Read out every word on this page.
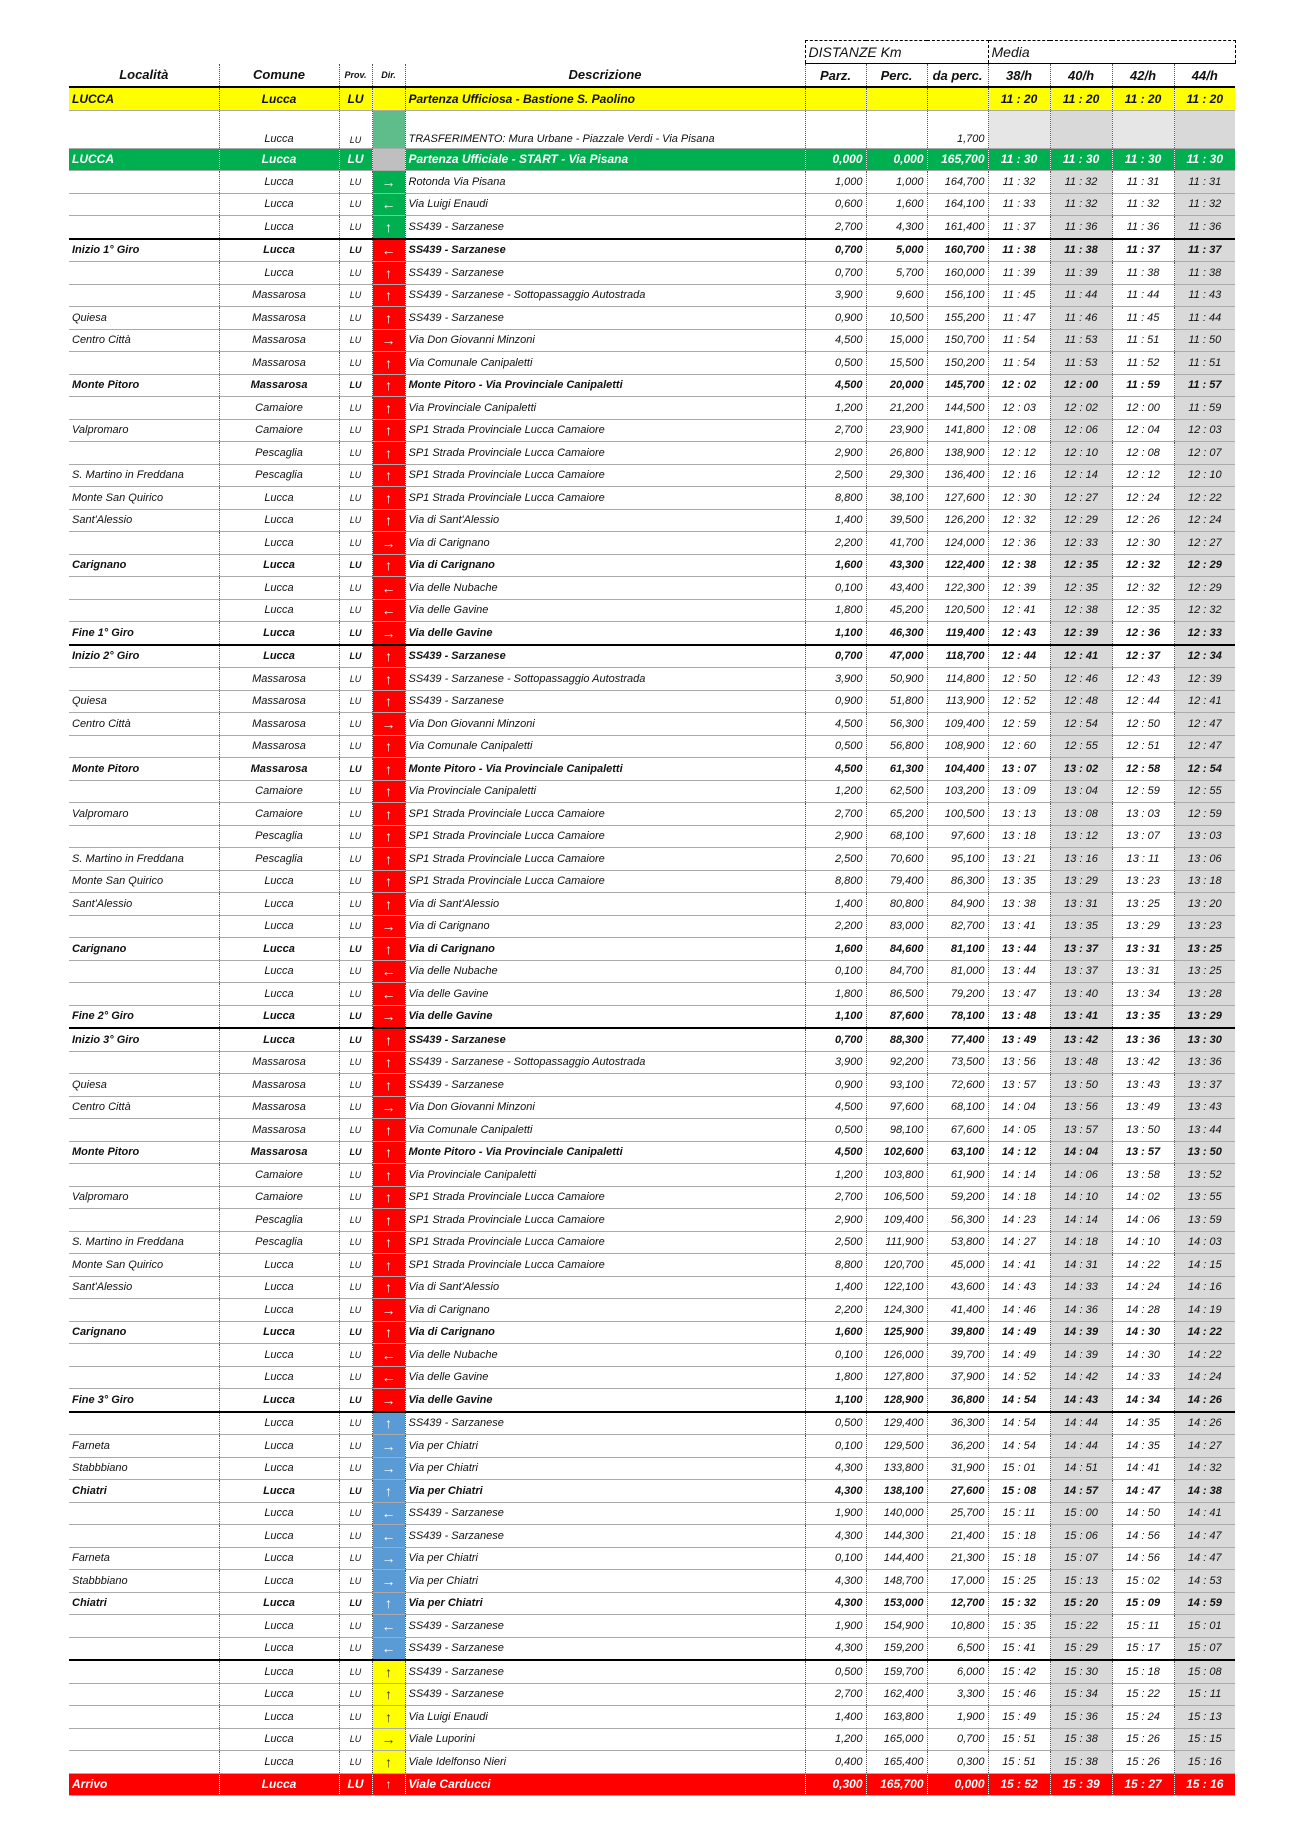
					DISTANZE Km			Media			
Località	Comune	Prov.	Dir.	Descrizione	Parz.	Perc.	da perc.	38/h	40/h	42/h	44/h
LUCCA	Lucca	LU		Partenza Ufficiosa - Bastione S. Paolino				11 : 20	11 : 20	11 : 20	11 : 20
	Lucca	LU		TRASFERIMENTO: Mura Urbane - Piazzale Verdi - Via Pisana			1,700				
LUCCA	Lucca	LU		Partenza Ufficiale - START - Via Pisana	0,000	0,000	165,700	11 : 30	11 : 30	11 : 30	11 : 30
	Lucca	LU	→	Rotonda Via Pisana	1,000	1,000	164,700	11 : 32	11 : 32	11 : 31	11 : 31
	Lucca	LU	←	Via Luigi Enaudi	0,600	1,600	164,100	11 : 33	11 : 32	11 : 32	11 : 32
	Lucca	LU	↑	SS439 - Sarzanese	2,700	4,300	161,400	11 : 37	11 : 36	11 : 36	11 : 36
Inizio 1° Giro	Lucca	LU	←	SS439 - Sarzanese	0,700	5,000	160,700	11 : 38	11 : 38	11 : 37	11 : 37
	Lucca	LU	↑	SS439 - Sarzanese	0,700	5,700	160,000	11 : 39	11 : 39	11 : 38	11 : 38
	Massarosa	LU	↑	SS439 - Sarzanese - Sottopassaggio Autostrada	3,900	9,600	156,100	11 : 45	11 : 44	11 : 44	11 : 43
Quiesa	Massarosa	LU	↑	SS439 - Sarzanese	0,900	10,500	155,200	11 : 47	11 : 46	11 : 45	11 : 44
Centro Città	Massarosa	LU	→	Via Don Giovanni Minzoni	4,500	15,000	150,700	11 : 54	11 : 53	11 : 51	11 : 50
	Massarosa	LU	↑	Via Comunale Canipaletti	0,500	15,500	150,200	11 : 54	11 : 53	11 : 52	11 : 51
Monte Pitoro	Massarosa	LU	↑	Monte Pitoro - Via Provinciale Canipaletti	4,500	20,000	145,700	12 : 02	12 : 00	11 : 59	11 : 57
	Camaiore	LU	↑	Via Provinciale Canipaletti	1,200	21,200	144,500	12 : 03	12 : 02	12 : 00	11 : 59
Valpromaro	Camaiore	LU	↑	SP1 Strada Provinciale Lucca Camaiore	2,700	23,900	141,800	12 : 08	12 : 06	12 : 04	12 : 03
	Pescaglia	LU	↑	SP1 Strada Provinciale Lucca Camaiore	2,900	26,800	138,900	12 : 12	12 : 10	12 : 08	12 : 07
S. Martino in Freddana	Pescaglia	LU	↑	SP1 Strada Provinciale Lucca Camaiore	2,500	29,300	136,400	12 : 16	12 : 14	12 : 12	12 : 10
Monte San Quirico	Lucca	LU	↑	SP1 Strada Provinciale Lucca Camaiore	8,800	38,100	127,600	12 : 30	12 : 27	12 : 24	12 : 22
Sant'Alessio	Lucca	LU	↑	Via di Sant'Alessio	1,400	39,500	126,200	12 : 32	12 : 29	12 : 26	12 : 24
	Lucca	LU	→	Via di Carignano	2,200	41,700	124,000	12 : 36	12 : 33	12 : 30	12 : 27
Carignano	Lucca	LU	↑	Via di Carignano	1,600	43,300	122,400	12 : 38	12 : 35	12 : 32	12 : 29
	Lucca	LU	←	Via delle Nubache	0,100	43,400	122,300	12 : 39	12 : 35	12 : 32	12 : 29
	Lucca	LU	←	Via delle Gavine	1,800	45,200	120,500	12 : 41	12 : 38	12 : 35	12 : 32
Fine 1° Giro	Lucca	LU	→	Via delle Gavine	1,100	46,300	119,400	12 : 43	12 : 39	12 : 36	12 : 33
Inizio 2° Giro	Lucca	LU	↑	SS439 - Sarzanese	0,700	47,000	118,700	12 : 44	12 : 41	12 : 37	12 : 34
	Massarosa	LU	↑	SS439 - Sarzanese - Sottopassaggio Autostrada	3,900	50,900	114,800	12 : 50	12 : 46	12 : 43	12 : 39
Quiesa	Massarosa	LU	↑	SS439 - Sarzanese	0,900	51,800	113,900	12 : 52	12 : 48	12 : 44	12 : 41
Centro Città	Massarosa	LU	→	Via Don Giovanni Minzoni	4,500	56,300	109,400	12 : 59	12 : 54	12 : 50	12 : 47
	Massarosa	LU	↑	Via Comunale Canipaletti	0,500	56,800	108,900	12 : 60	12 : 55	12 : 51	12 : 47
Monte Pitoro	Massarosa	LU	↑	Monte Pitoro - Via Provinciale Canipaletti	4,500	61,300	104,400	13 : 07	13 : 02	12 : 58	12 : 54
	Camaiore	LU	↑	Via Provinciale Canipaletti	1,200	62,500	103,200	13 : 09	13 : 04	12 : 59	12 : 55
Valpromaro	Camaiore	LU	↑	SP1 Strada Provinciale Lucca Camaiore	2,700	65,200	100,500	13 : 13	13 : 08	13 : 03	12 : 59
	Pescaglia	LU	↑	SP1 Strada Provinciale Lucca Camaiore	2,900	68,100	97,600	13 : 18	13 : 12	13 : 07	13 : 03
S. Martino in Freddana	Pescaglia	LU	↑	SP1 Strada Provinciale Lucca Camaiore	2,500	70,600	95,100	13 : 21	13 : 16	13 : 11	13 : 06
Monte San Quirico	Lucca	LU	↑	SP1 Strada Provinciale Lucca Camaiore	8,800	79,400	86,300	13 : 35	13 : 29	13 : 23	13 : 18
Sant'Alessio	Lucca	LU	↑	Via di Sant'Alessio	1,400	80,800	84,900	13 : 38	13 : 31	13 : 25	13 : 20
	Lucca	LU	→	Via di Carignano	2,200	83,000	82,700	13 : 41	13 : 35	13 : 29	13 : 23
Carignano	Lucca	LU	↑	Via di Carignano	1,600	84,600	81,100	13 : 44	13 : 37	13 : 31	13 : 25
	Lucca	LU	←	Via delle Nubache	0,100	84,700	81,000	13 : 44	13 : 37	13 : 31	13 : 25
	Lucca	LU	←	Via delle Gavine	1,800	86,500	79,200	13 : 47	13 : 40	13 : 34	13 : 28
Fine 2° Giro	Lucca	LU	→	Via delle Gavine	1,100	87,600	78,100	13 : 48	13 : 41	13 : 35	13 : 29
Inizio 3° Giro	Lucca	LU	↑	SS439 - Sarzanese	0,700	88,300	77,400	13 : 49	13 : 42	13 : 36	13 : 30
	Massarosa	LU	↑	SS439 - Sarzanese - Sottopassaggio Autostrada	3,900	92,200	73,500	13 : 56	13 : 48	13 : 42	13 : 36
Quiesa	Massarosa	LU	↑	SS439 - Sarzanese	0,900	93,100	72,600	13 : 57	13 : 50	13 : 43	13 : 37
Centro Città	Massarosa	LU	→	Via Don Giovanni Minzoni	4,500	97,600	68,100	14 : 04	13 : 56	13 : 49	13 : 43
	Massarosa	LU	↑	Via Comunale Canipaletti	0,500	98,100	67,600	14 : 05	13 : 57	13 : 50	13 : 44
Monte Pitoro	Massarosa	LU	↑	Monte Pitoro - Via Provinciale Canipaletti	4,500	102,600	63,100	14 : 12	14 : 04	13 : 57	13 : 50
	Camaiore	LU	↑	Via Provinciale Canipaletti	1,200	103,800	61,900	14 : 14	14 : 06	13 : 58	13 : 52
Valpromaro	Camaiore	LU	↑	SP1 Strada Provinciale Lucca Camaiore	2,700	106,500	59,200	14 : 18	14 : 10	14 : 02	13 : 55
	Pescaglia	LU	↑	SP1 Strada Provinciale Lucca Camaiore	2,900	109,400	56,300	14 : 23	14 : 14	14 : 06	13 : 59
S. Martino in Freddana	Pescaglia	LU	↑	SP1 Strada Provinciale Lucca Camaiore	2,500	111,900	53,800	14 : 27	14 : 18	14 : 10	14 : 03
Monte San Quirico	Lucca	LU	↑	SP1 Strada Provinciale Lucca Camaiore	8,800	120,700	45,000	14 : 41	14 : 31	14 : 22	14 : 15
Sant'Alessio	Lucca	LU	↑	Via di Sant'Alessio	1,400	122,100	43,600	14 : 43	14 : 33	14 : 24	14 : 16
	Lucca	LU	→	Via di Carignano	2,200	124,300	41,400	14 : 46	14 : 36	14 : 28	14 : 19
Carignano	Lucca	LU	↑	Via di Carignano	1,600	125,900	39,800	14 : 49	14 : 39	14 : 30	14 : 22
	Lucca	LU	←	Via delle Nubache	0,100	126,000	39,700	14 : 49	14 : 39	14 : 30	14 : 22
	Lucca	LU	←	Via delle Gavine	1,800	127,800	37,900	14 : 52	14 : 42	14 : 33	14 : 24
Fine 3° Giro	Lucca	LU	→	Via delle Gavine	1,100	128,900	36,800	14 : 54	14 : 43	14 : 34	14 : 26
	Lucca	LU	↑	SS439 - Sarzanese	0,500	129,400	36,300	14 : 54	14 : 44	14 : 35	14 : 26
Farneta	Lucca	LU	→	Via per Chiatri	0,100	129,500	36,200	14 : 54	14 : 44	14 : 35	14 : 27
Stabbbiano	Lucca	LU	→	Via per Chiatri	4,300	133,800	31,900	15 : 01	14 : 51	14 : 41	14 : 32
Chiatri	Lucca	LU	↑	Via per Chiatri	4,300	138,100	27,600	15 : 08	14 : 57	14 : 47	14 : 38
	Lucca	LU	←	SS439 - Sarzanese	1,900	140,000	25,700	15 : 11	15 : 00	14 : 50	14 : 41
	Lucca	LU	←	SS439 - Sarzanese	4,300	144,300	21,400	15 : 18	15 : 06	14 : 56	14 : 47
Farneta	Lucca	LU	→	Via per Chiatri	0,100	144,400	21,300	15 : 18	15 : 07	14 : 56	14 : 47
Stabbbiano	Lucca	LU	→	Via per Chiatri	4,300	148,700	17,000	15 : 25	15 : 13	15 : 02	14 : 53
Chiatri	Lucca	LU	↑	Via per Chiatri	4,300	153,000	12,700	15 : 32	15 : 20	15 : 09	14 : 59
	Lucca	LU	←	SS439 - Sarzanese	1,900	154,900	10,800	15 : 35	15 : 22	15 : 11	15 : 01
	Lucca	LU	←	SS439 - Sarzanese	4,300	159,200	6,500	15 : 41	15 : 29	15 : 17	15 : 07
	Lucca	LU	↑	SS439 - Sarzanese	0,500	159,700	6,000	15 : 42	15 : 30	15 : 18	15 : 08
	Lucca	LU	↑	SS439 - Sarzanese	2,700	162,400	3,300	15 : 46	15 : 34	15 : 22	15 : 11
	Lucca	LU	↑	Via Luigi Enaudi	1,400	163,800	1,900	15 : 49	15 : 36	15 : 24	15 : 13
	Lucca	LU	→	Viale Luporini	1,200	165,000	0,700	15 : 51	15 : 38	15 : 26	15 : 15
	Lucca	LU	↑	Viale Idelfonso Nieri	0,400	165,400	0,300	15 : 51	15 : 38	15 : 26	15 : 16
Arrivo	Lucca	LU	↑	Viale Carducci	0,300	165,700	0,000	15 : 52	15 : 39	15 : 27	15 : 16
